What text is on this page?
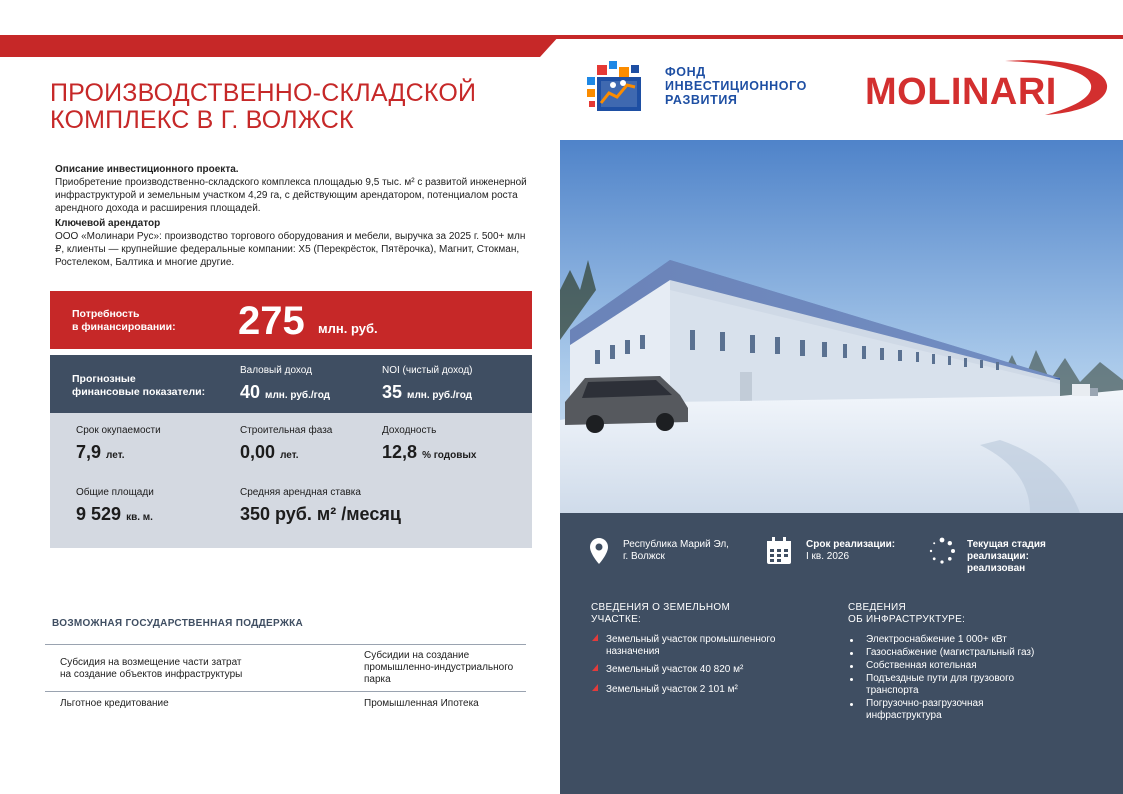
ПРОИЗВОДСТВЕННО-СКЛАДСКОЙ КОМПЛЕКС В Г. ВОЛЖСК
ФОНД
ИНВЕСТИЦИОННОГО
РАЗВИТИЯ	MOLINARI

Описание инвестиционного проекта.

Приобретение производственно-складского комплекса площадью 9,5 тыс. м² с развитой инженерной инфраструктурой и земельным участком 4,29 га, с действующим арендатором, потенциалом роста арендного дохода и расширения площадей.

Ключевой арендатор

ООО «Молинари Рус»: производство торгового оборудования и мебели, выручка за 2025 г. 500+ млн ₽, клиенты — крупнейшие федеральные компании: X5 (Перекрёсток, Пятёрочка), Магнит, Стокман, Ростелеком, Балтика и многие другие.

Потребность
в финансировании: 275 млн. руб.
Прогнозные
финансовые показатели:
Валовый доход
40 млн. руб./год
NOI (чистый доход)
35 млн. руб./год
Срок окупаемости
7,9 лет.
Строительная фаза
0,00 лет.
Доходность
12,8 % годовых
Общие площади
9 529 кв. м.
Средняя арендная ставка
350 руб. м² /месяц
ВОЗМОЖНАЯ ГОСУДАРСТВЕННАЯ ПОДДЕРЖКА
Субсидия на возмещение части затрат
на создание объектов инфраструктуры
Субсидии на создание
промышленно-индустриального
парка
Льготное кредитование	Промышленная Ипотека
Республика Марий Эл,
г. Волжск
Срок реализации:
I кв. 2026
Текущая стадия
реализации:
реализован
СВЕДЕНИЯ О ЗЕМЕЛЬНОМ
УЧАСТКЕ:
Земельный участок промышленного
назначения
Земельный участок 40 820 м²
Земельный участок 2 101 м²
СВЕДЕНИЯ
ОБ ИНФРАСТРУКТУРЕ:
Электроснабжение 1 000+ кВт
Газоснабжение (магистральный газ)
Собственная котельная
Подъездные пути для грузового
транспорта
Погрузочно-разгрузочная
инфраструктура
